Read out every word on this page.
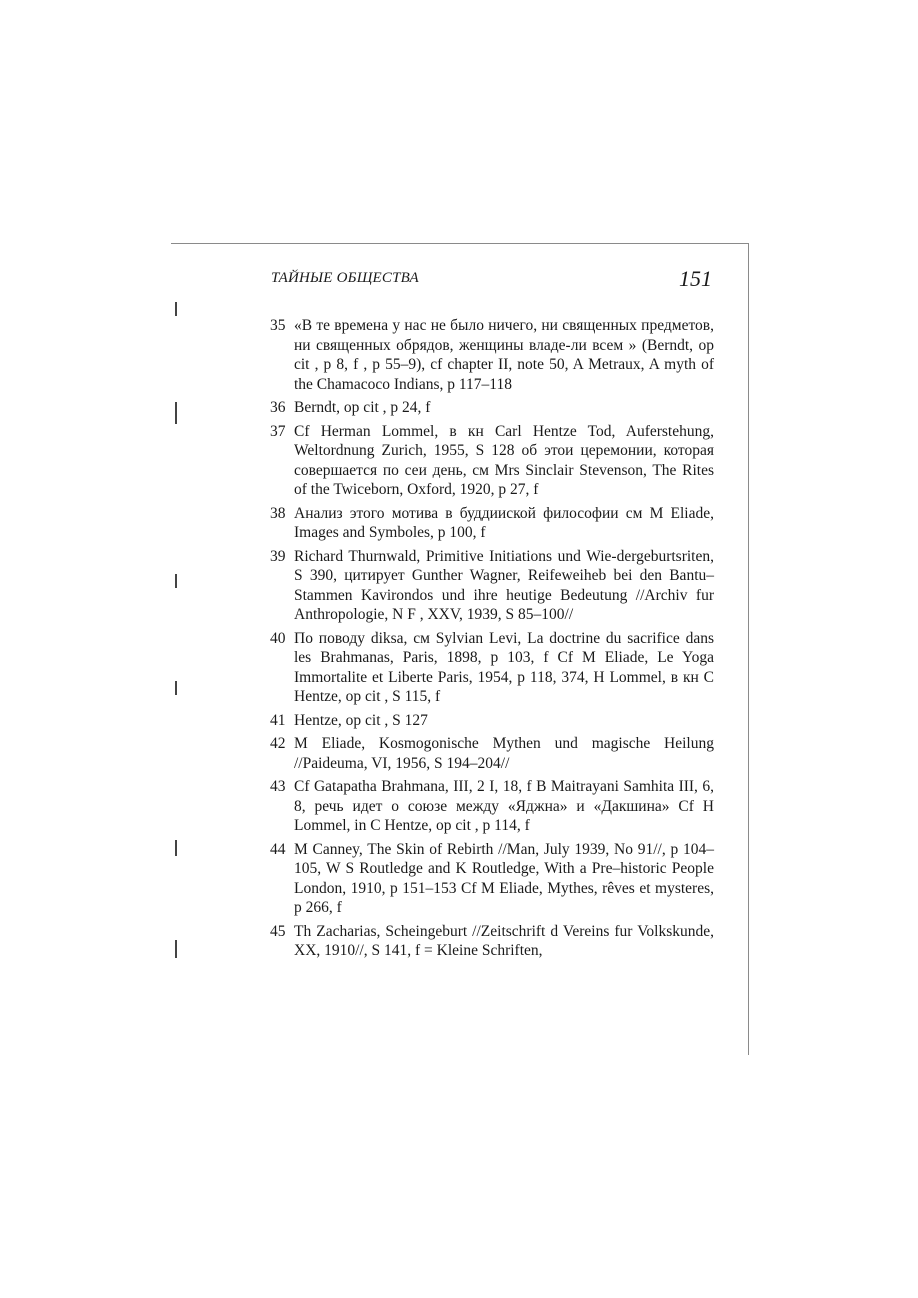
ТАЙНЫЕ ОБЩЕСТВА	151
35 «В те времена у нас не было ничего, ни священных предметов, ни священных обрядов, женщины владе-ли всем » (Berndt, op cit , p 8, f , p 55–9), cf chapter II, note 50, A Metraux, A myth of the Chamacoco Indians, p 117–118
36 Berndt, op cit , p 24, f
37 Cf Herman Lommel, в кн Carl Hentze Tod, Auferstehung, Weltordnung Zurich, 1955, S 128 об этои церемонии, которая совершается по сеи день, см Mrs Sinclair Stevenson, The Rites of the Twiceborn, Oxford, 1920, p 27, f
38 Анализ этого мотива в буддииской философии см M Eliade, Images and Symboles, p 100, f
39 Richard Thurnwald, Primitive Initiations und Wie-dergeburtsriten, S 390, цитирует Gunther Wagner, Reifeweiheb bei den Bantu–Stammen Kavirondos und ihre heutige Bedeutung //Archiv fur Anthropologie, N F , XXV, 1939, S 85–100//
40 По поводу diksa, см Sylvian Levi, La doctrine du sacrifice dans les Brahmanas, Paris, 1898, p 103, f Cf M Eliade, Le Yoga Immortalite et Liberte Paris, 1954, p 118, 374, H Lommel, в кн C Hentze, op cit , S 115, f
41 Hentze, op cit , S 127
42 M Eliade, Kosmogonische Mythen und magische Heilung //Paideuma, VI, 1956, S 194–204//
43 Cf Gatapatha Brahmana, III, 2 I, 18, f B Maitrayani Samhita III, 6, 8, речь идет о союзе между «Яджна» и «Дакшина» Cf H Lommel, in C Hentze, op cit , p 114, f
44 M Canney, The Skin of Rebirth //Man, July 1939, No 91//, p 104–105, W S Routledge and K Routledge, With a Pre–historic People London, 1910, p 151–153 Cf M Eliade, Mythes, rêves et mysteres, p 266, f
45 Th Zacharias, Scheingeburt //Zeitschrift d Vereins fur Volkskunde, XX, 1910//, S 141, f = Kleine Schriften,
